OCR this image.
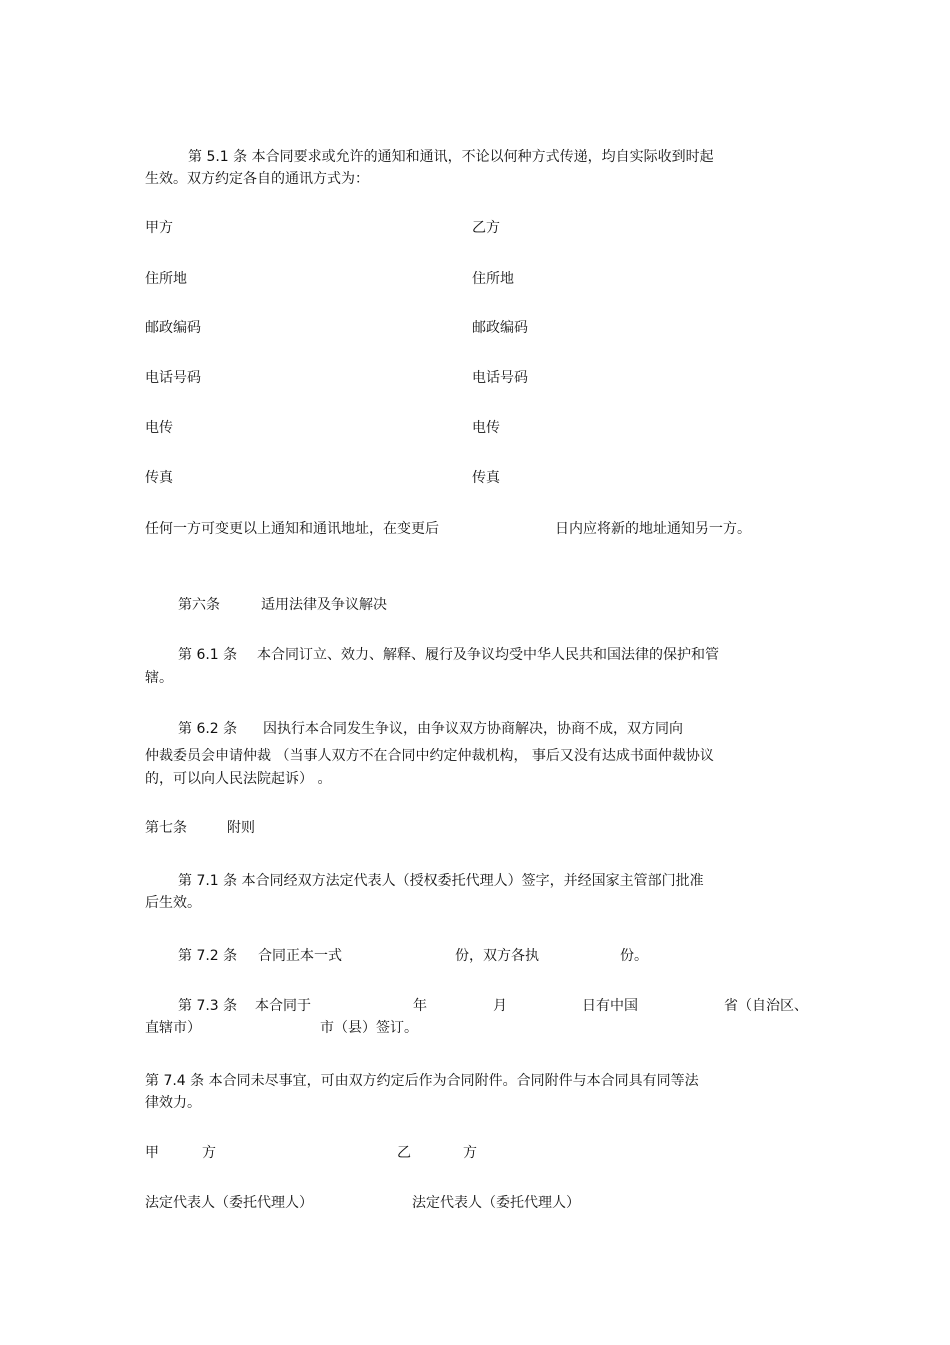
第 5.1 条 本合同要求或允许的通知和通讯，不论以何种方式传递，均自实际收到时起
生效。双方约定各自的通讯方式为：
甲方	乙方
住所地	住所地
邮政编码	邮政编码
电话号码	电话号码
电传	电传
传真	传真
任何一方可变更以上通知和通讯地址，在变更后	日内应将新的地址通知另一方。
第六条	适用法律及争议解决
第 6.1 条 本合同订立、效力、解释、履行及争议均受中华人民共和国法律的保护和管
辖。
第 6.2 条 因执行本合同发生争议，由争议双方协商解决，协商不成，双方同向
仲裁委员会申请仲裁 （当事人双方不在合同中约定仲裁机构， 事后又没有达成书面仲裁协议
的，可以向人民法院起诉） 。
第七条	附则
第 7.1 条 本合同经双方法定代表人（授权委托代理人）签字，并经国家主管部门批准
后生效。
第 7.2 条 合同正本一式	份，双方各执	份。
第 7.3 条 本合同于	年	月	日有中国	省（自治区、
直辖市）	市（县）签订。
第 7.4 条 本合同未尽事宜，可由双方约定后作为合同附件。合同附件与本合同具有同等法
律效力。
甲	方	乙	方
法定代表人（委托代理人）	法定代表人（委托代理人）
